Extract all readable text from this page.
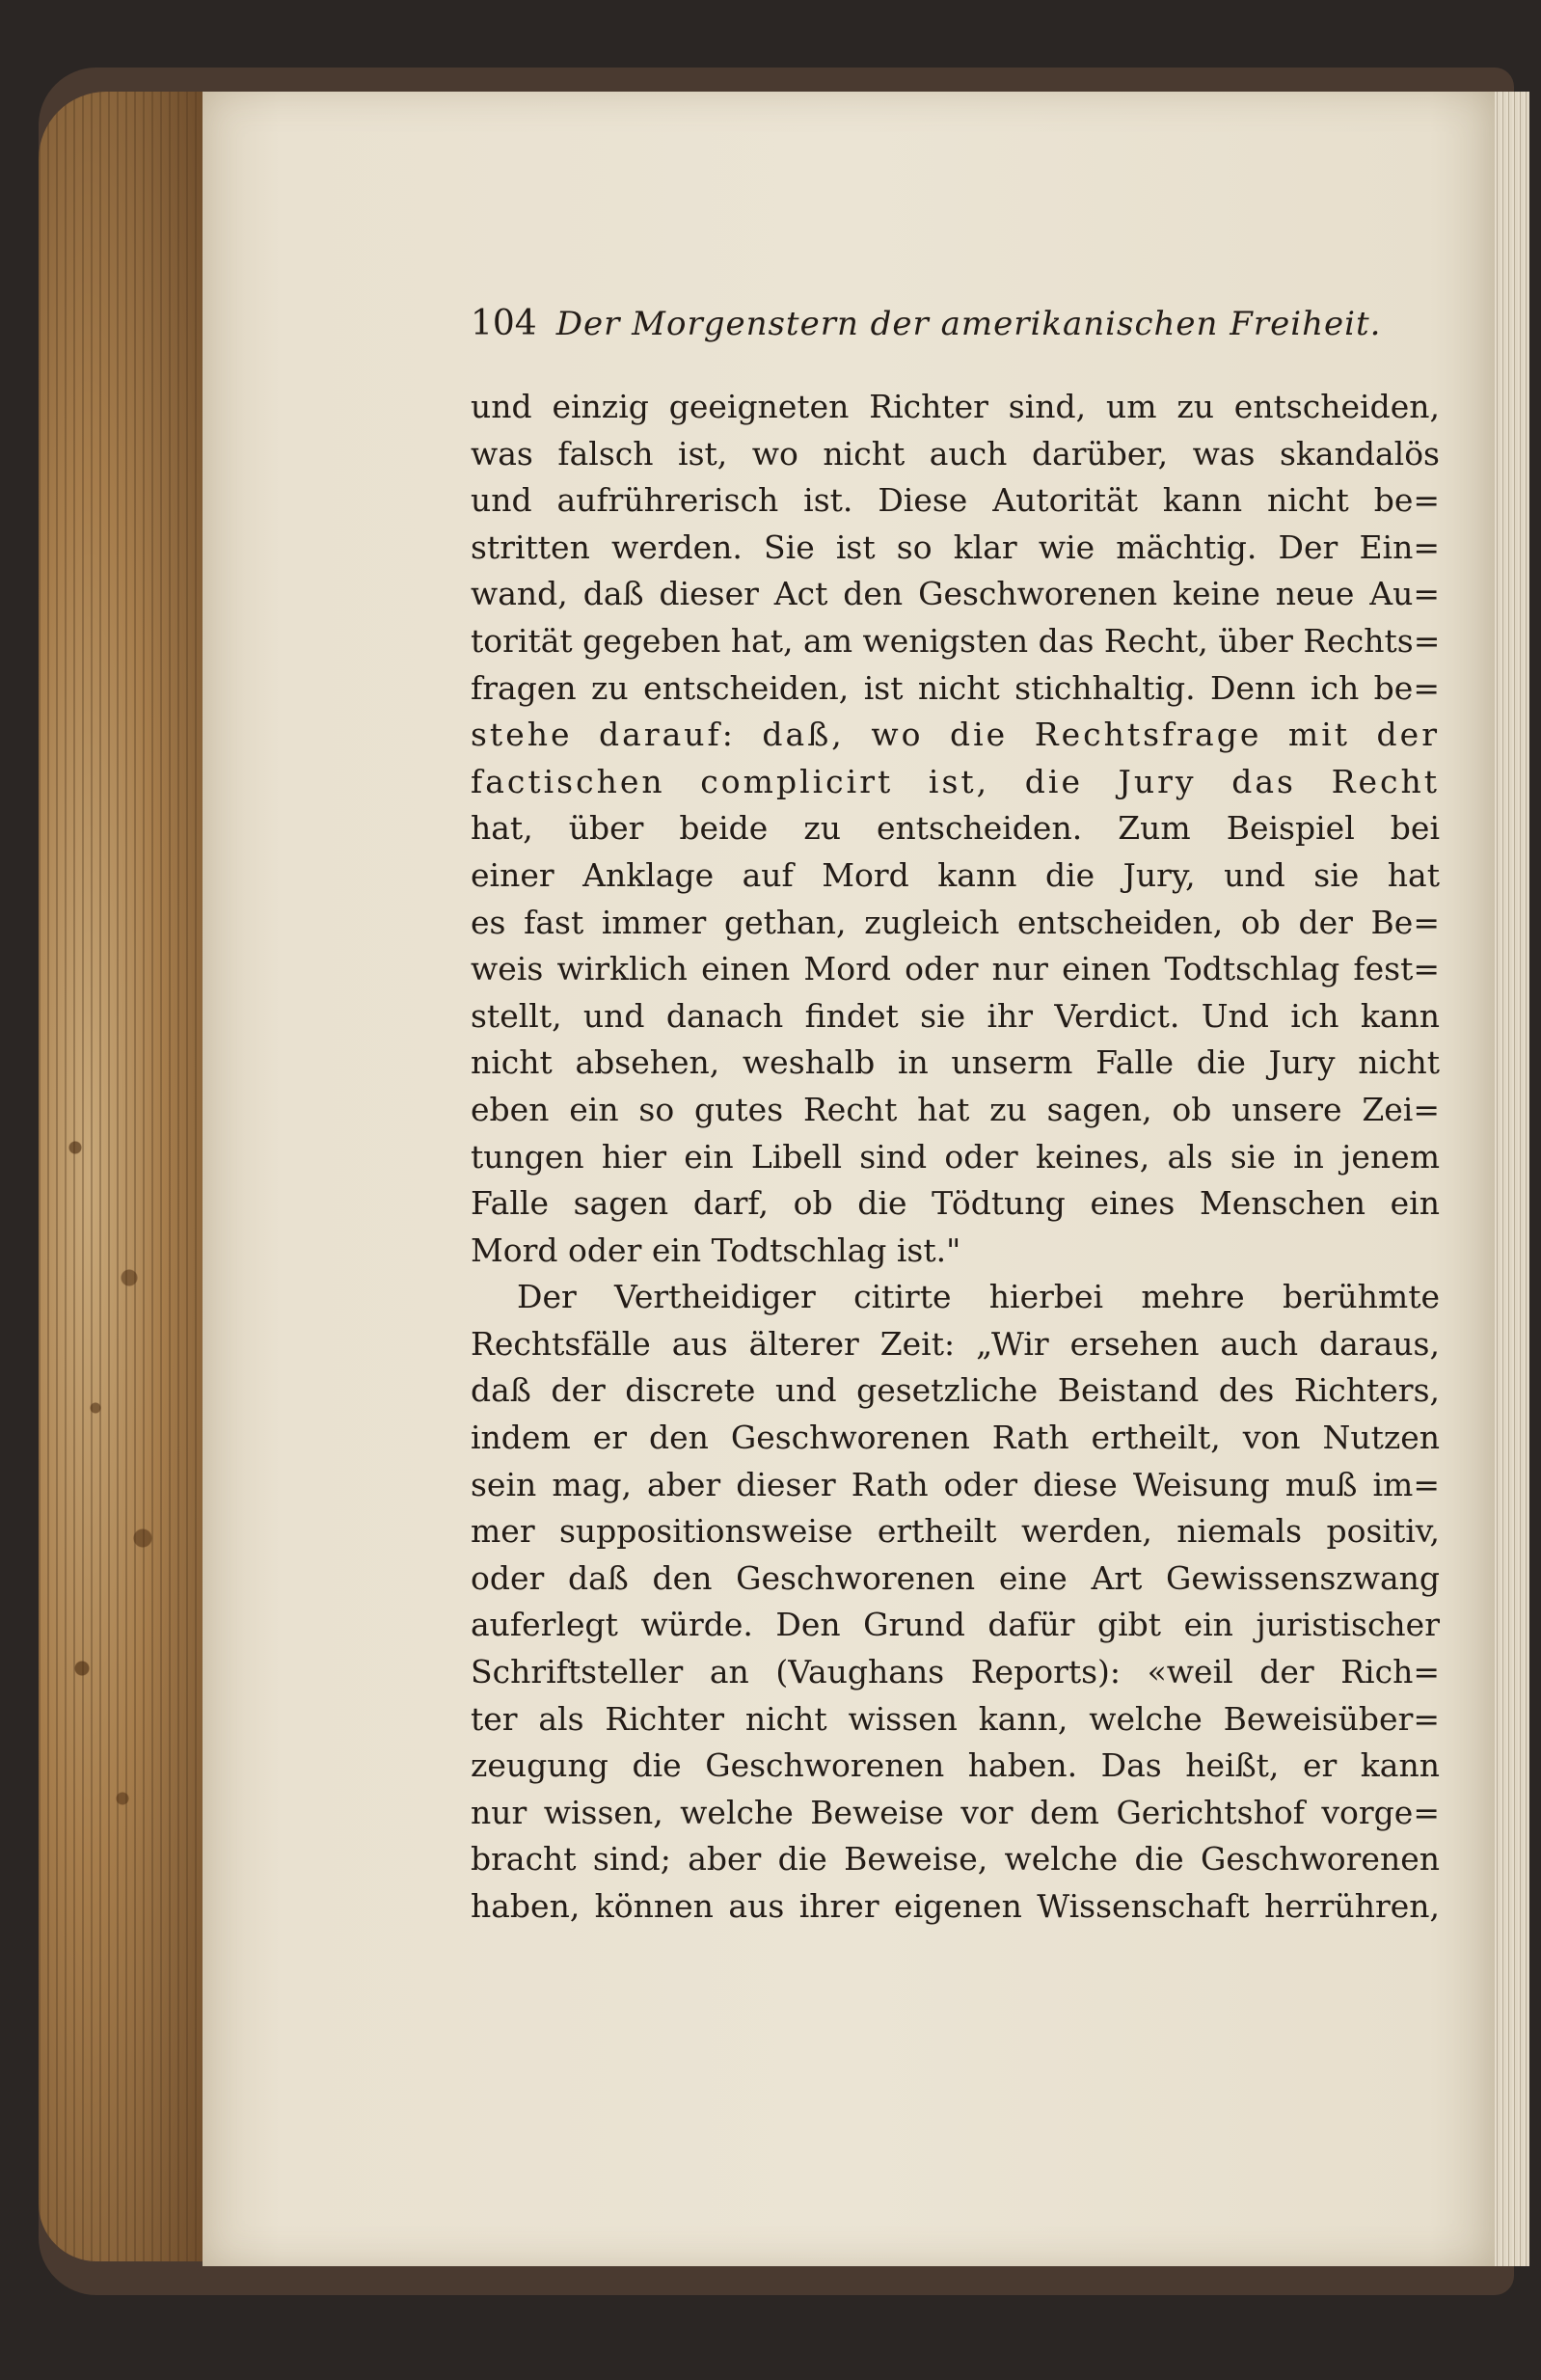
104 Der Morgenstern der amerikanischen Freiheit.
und einzig geeigneten Richter sind, um zu entscheiden,
was falsch ist, wo nicht auch darüber, was skandalös
und aufrührerisch ist. Diese Autorität kann nicht be=
stritten werden. Sie ist so klar wie mächtig. Der Ein=
wand, daß dieser Act den Geschworenen keine neue Au=
torität gegeben hat, am wenigsten das Recht, über Rechts=
fragen zu entscheiden, ist nicht stichhaltig. Denn ich be=
stehe darauf: daß, wo die Rechtsfrage mit der
factischen complicirt ist, die Jury das Recht
hat, über beide zu entscheiden. Zum Beispiel bei
einer Anklage auf Mord kann die Jury, und sie hat
es fast immer gethan, zugleich entscheiden, ob der Be=
weis wirklich einen Mord oder nur einen Todtschlag fest=
stellt, und danach findet sie ihr Verdict. Und ich kann
nicht absehen, weshalb in unserm Falle die Jury nicht
eben ein so gutes Recht hat zu sagen, ob unsere Zei=
tungen hier ein Libell sind oder keines, als sie in jenem
Falle sagen darf, ob die Tödtung eines Menschen ein
Mord oder ein Todtschlag ist."
Der Vertheidiger citirte hierbei mehre berühmte
Rechtsfälle aus älterer Zeit: „Wir ersehen auch daraus,
daß der discrete und gesetzliche Beistand des Richters,
indem er den Geschworenen Rath ertheilt, von Nutzen
sein mag, aber dieser Rath oder diese Weisung muß im=
mer suppositionsweise ertheilt werden, niemals positiv,
oder daß den Geschworenen eine Art Gewissenszwang
auferlegt würde. Den Grund dafür gibt ein juristischer
Schriftsteller an (Vaughans Reports): «weil der Rich=
ter als Richter nicht wissen kann, welche Beweisüber=
zeugung die Geschworenen haben. Das heißt, er kann
nur wissen, welche Beweise vor dem Gerichtshof vorge=
bracht sind; aber die Beweise, welche die Geschworenen
haben, können aus ihrer eigenen Wissenschaft herrühren,
